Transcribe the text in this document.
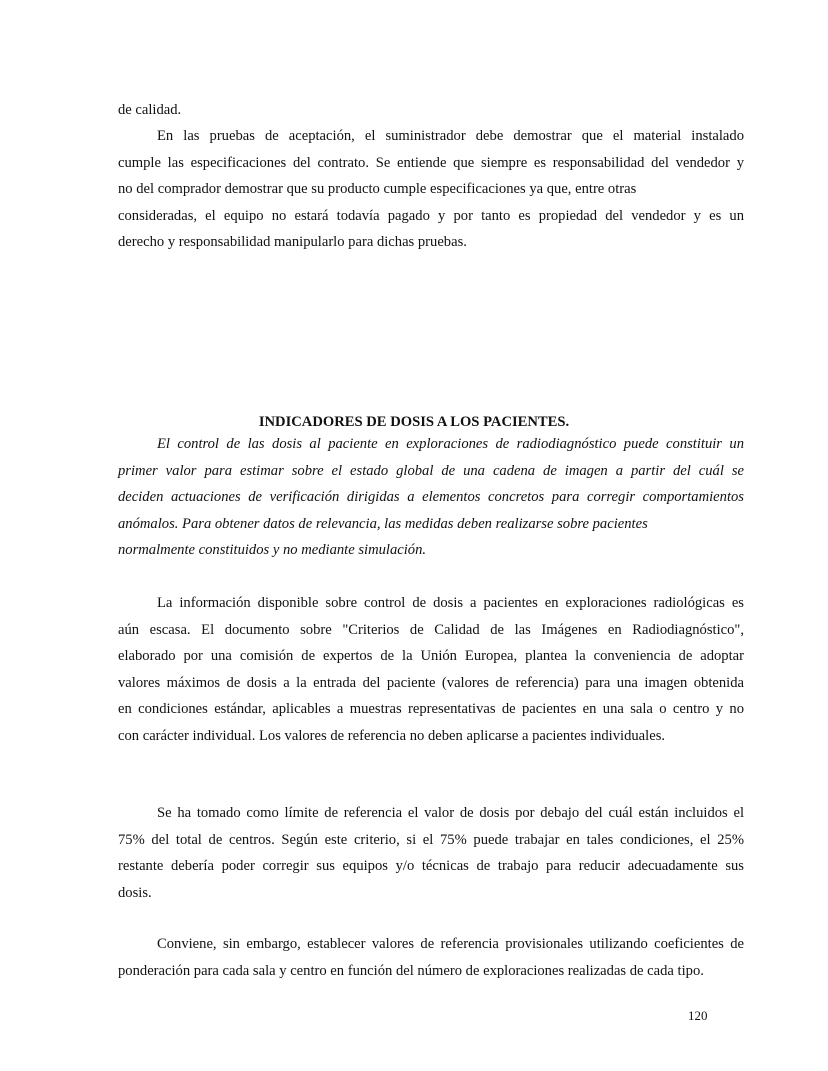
de calidad.

En las pruebas de aceptación, el suministrador debe demostrar que el material instalado
cumple las especificaciones del contrato. Se entiende que siempre es responsabilidad del vendedor y
no del comprador demostrar que su producto cumple especificaciones ya que, entre otras
consideradas, el equipo no estará todavía pagado y por tanto es propiedad del vendedor y es un
derecho y responsabilidad manipularlo para dichas pruebas.

INDICADORES DE DOSIS A LOS PACIENTES.

El control de las dosis al paciente en exploraciones de radiodiagnóstico puede constituir un
primer valor para estimar sobre el estado global de una cadena de imagen a partir del cuál se
deciden actuaciones de verificación dirigidas a elementos concretos para corregir comportamientos
anómalos. Para obtener datos de relevancia, las medidas deben realizarse sobre pacientes
normalmente constituidos y no mediante simulación.

La información disponible sobre control de dosis a pacientes en exploraciones radiológicas es
aún escasa. El documento sobre "Criterios de Calidad de las Imágenes en Radiodiagnóstico",
elaborado por una comisión de expertos de la Unión Europea, plantea la conveniencia de adoptar
valores máximos de dosis a la entrada del paciente (valores de referencia) para una imagen obtenida
en condiciones estándar, aplicables a muestras representativas de pacientes en una sala o centro y no
con carácter individual. Los valores de referencia no deben aplicarse a pacientes individuales.

Se ha tomado como límite de referencia el valor de dosis por debajo del cuál están incluidos el
75% del total de centros. Según este criterio, si el 75% puede trabajar en tales condiciones, el 25%
restante debería poder corregir sus equipos y/o técnicas de trabajo para reducir adecuadamente sus
dosis.

Conviene, sin embargo, establecer valores de referencia provisionales utilizando coeficientes de
ponderación para cada sala y centro en función del número de exploraciones realizadas de cada tipo.

120
